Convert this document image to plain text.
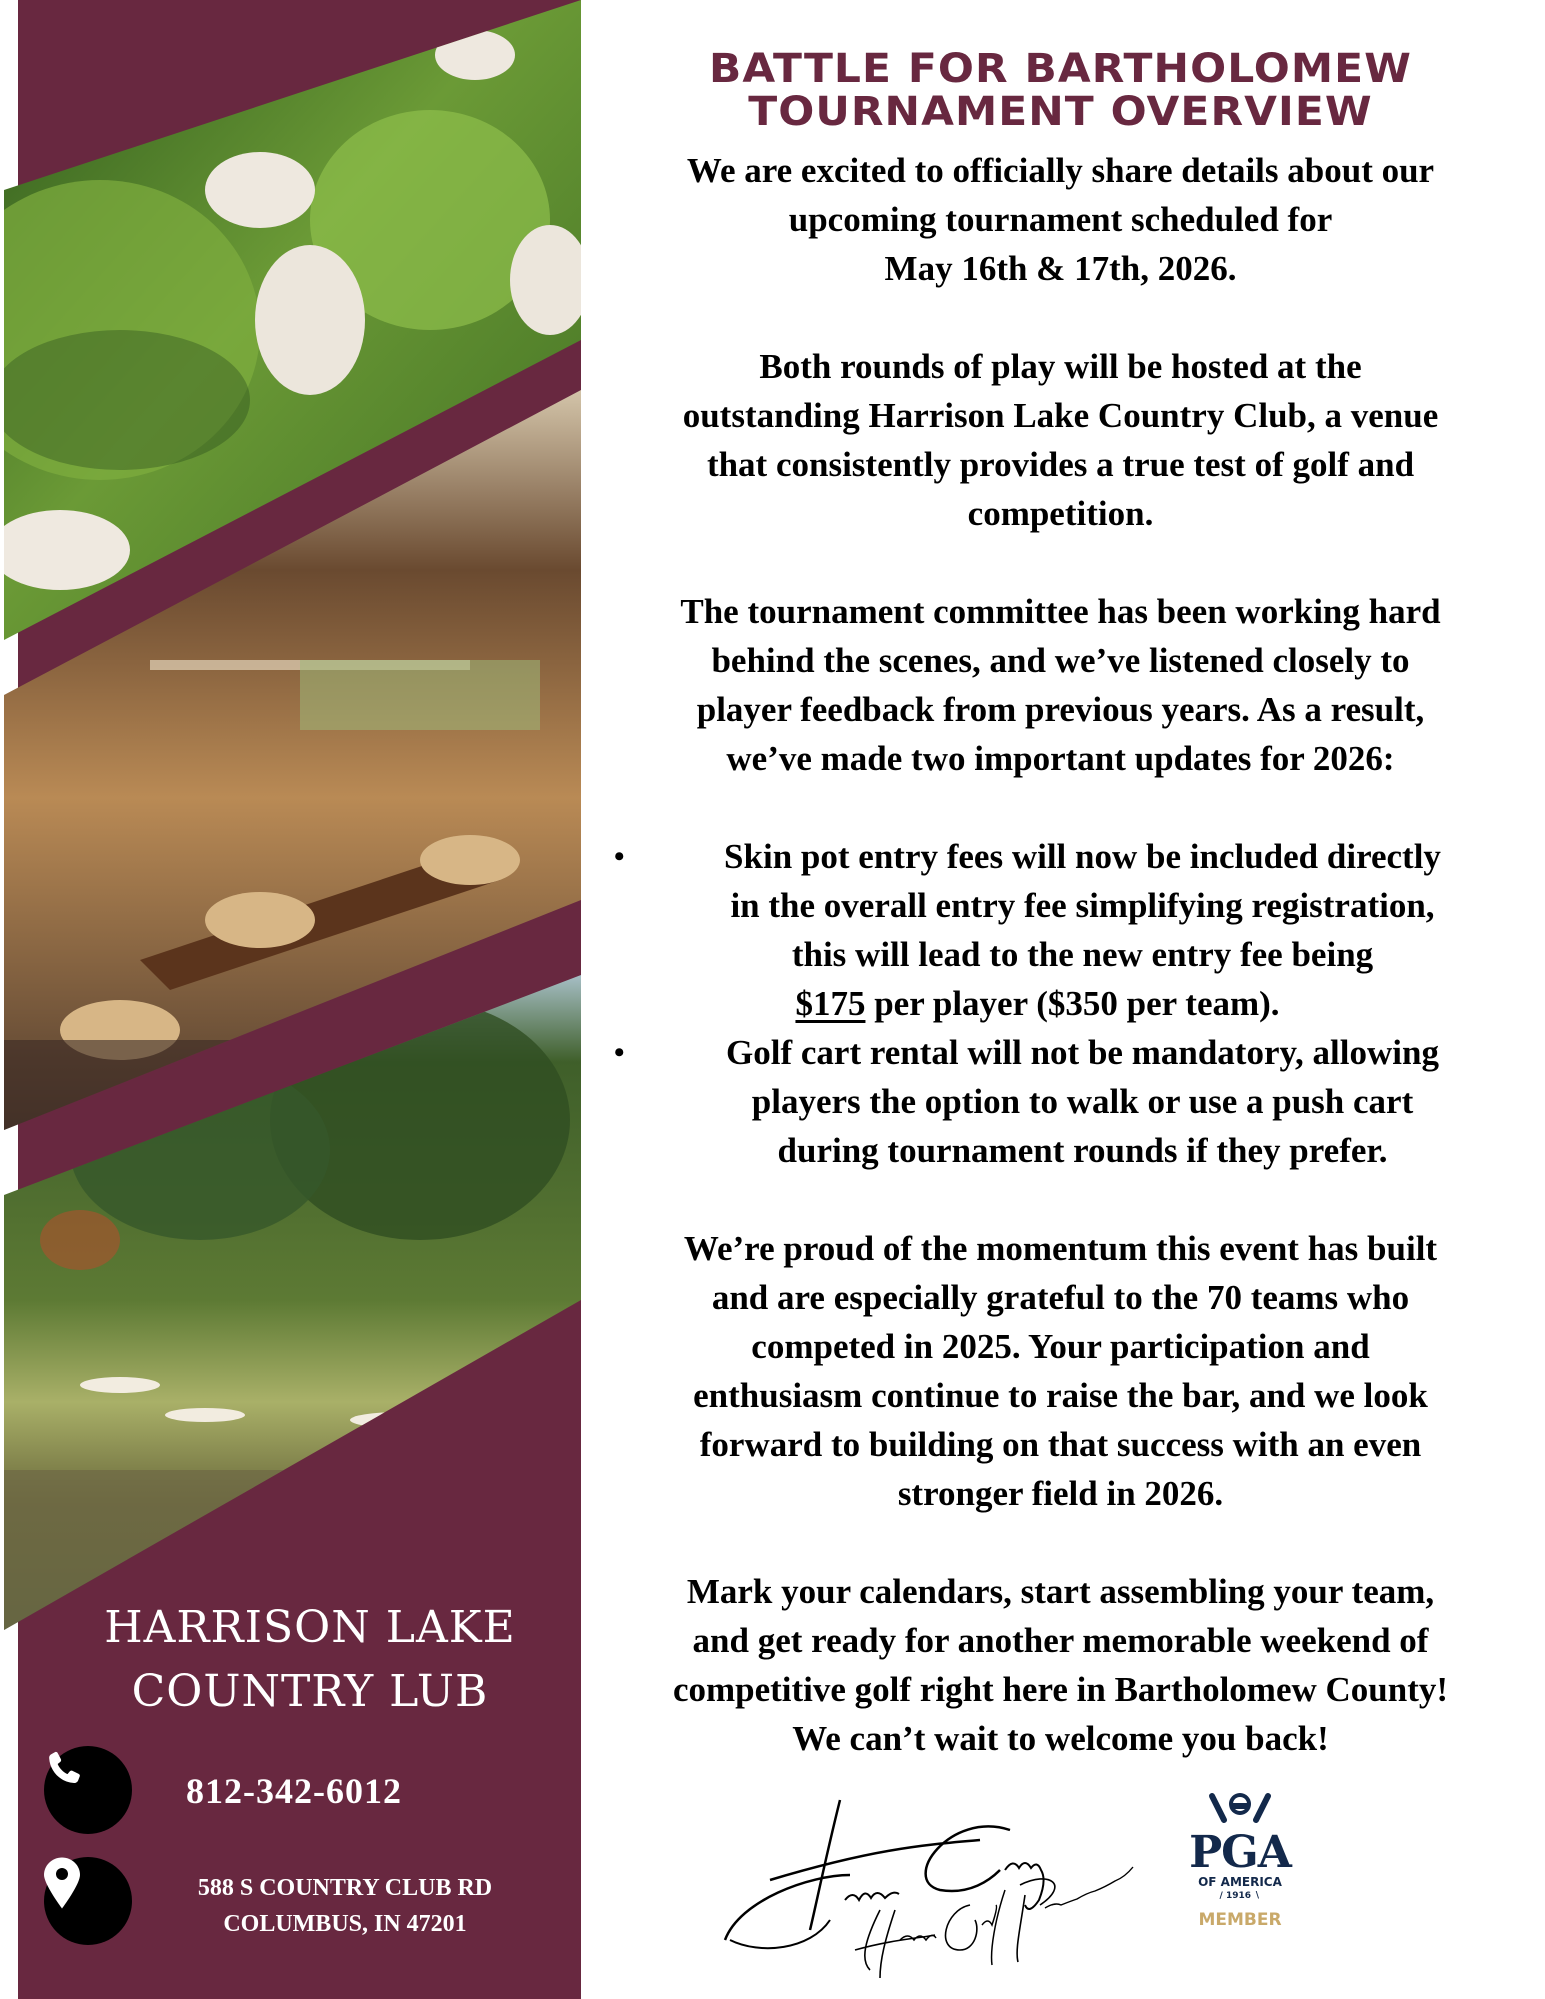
HARRISON LAKE
COUNTRY LUB
812-342-6012
588 S COUNTRY CLUB RD
COLUMBUS, IN 47201
BATTLE FOR BARTHOLOMEW
TOURNAMENT OVERVIEW
We are excited to officially share details about our
upcoming tournament scheduled for
May 16th & 17th, 2026.
Both rounds of play will be hosted at the
outstanding Harrison Lake Country Club, a venue
that consistently provides a true test of golf and
competition.
The tournament committee has been working hard
behind the scenes, and we’ve listened closely to
player feedback from previous years. As a result,
we’ve made two important updates for 2026:
•	Skin pot entry fees will now be included directly
in the overall entry fee simplifying registration,
this will lead to the new entry fee being
$175 per player ($350 per team).
•	Golf cart rental will not be mandatory, allowing
players the option to walk or use a push cart
during tournament rounds if they prefer.
We’re proud of the momentum this event has built
and are especially grateful to the 70 teams who
competed in 2025. Your participation and
enthusiasm continue to raise the bar, and we look
forward to building on that success with an even
stronger field in 2026.
Mark your calendars, start assembling your team,
and get ready for another memorable weekend of
competitive golf right here in Bartholomew County!
We can’t wait to welcome you back!
PGA
OF AMERICA
∕ 1916 ∖
MEMBER
